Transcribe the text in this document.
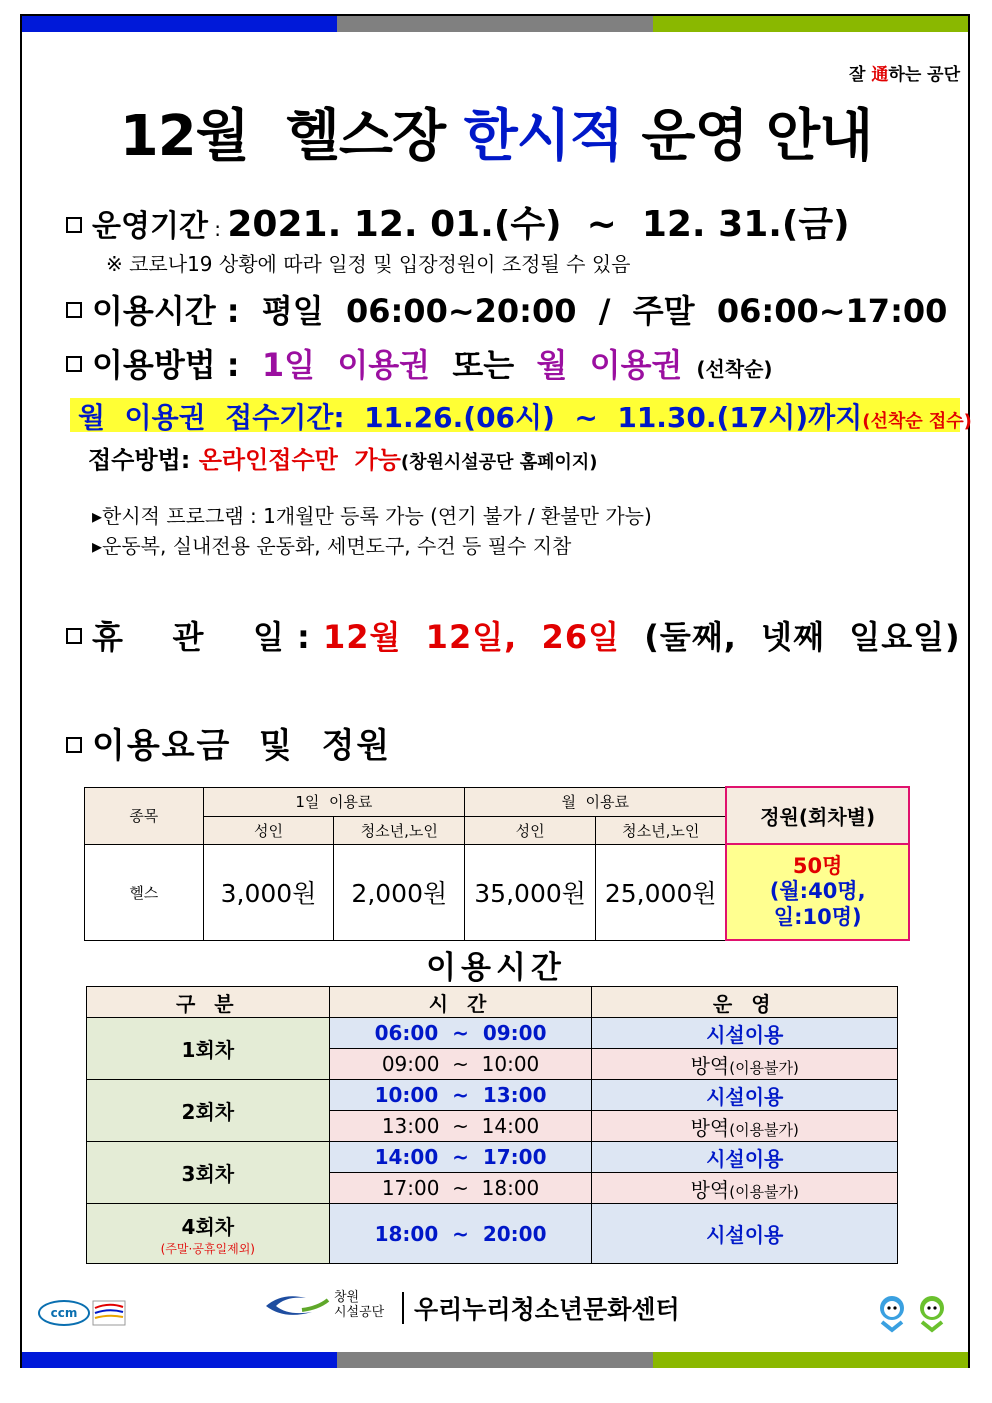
잘 通하는 공단
12월  헬스장 한시적 운영 안내
운영기간 : 2021. 12. 01.(수)  ~  12. 31.(금)
※ 코로나19 상황에 따라 일정 및 입장정원이 조정될 수 있음
이용시간 :  평일  06:00~20:00  /  주말  06:00~17:00
이용방법 :  1일  이용권  또는  월  이용권  (선착순)
월  이용권  접수기간:  11.26.(06시)  ~  11.30.(17시)까지(선착순 접수)
접수방법: 온라인접수만  가능(창원시설공단 홈페이지)
▸한시적 프로그램 : 1개월만 등록 가능 (연기 불가 / 환불만 가능)
▸운동복, 실내전용 운동화, 세면도구, 수건 등 필수 지참
휴    관    일 : 12월  12일,  26일  (둘째,  넷째  일요일)
이용요금  및  정원
종목	1일  이용료		월  이용료		정원(회차별)
	성인	청소년,노인	성인	청소년,노인	
헬스	3,000원	2,000원	35,000원	25,000원	50명
(월:40명,
일:10명)
이용시간
구 분	시 간	운 영
1회차	06:00  ~  09:00	시설이용
	09:00  ~  10:00	방역(이용불가)
2회차	10:00  ~  13:00	시설이용
	13:00  ~  14:00	방역(이용불가)
3회차	14:00  ~  17:00	시설이용
	17:00  ~  18:00	방역(이용불가)

4회차
(주말·공휴일제외)	18:00  ~  20:00	시설이용
ccm
창원
시설공단 우리누리청소년문화센터
